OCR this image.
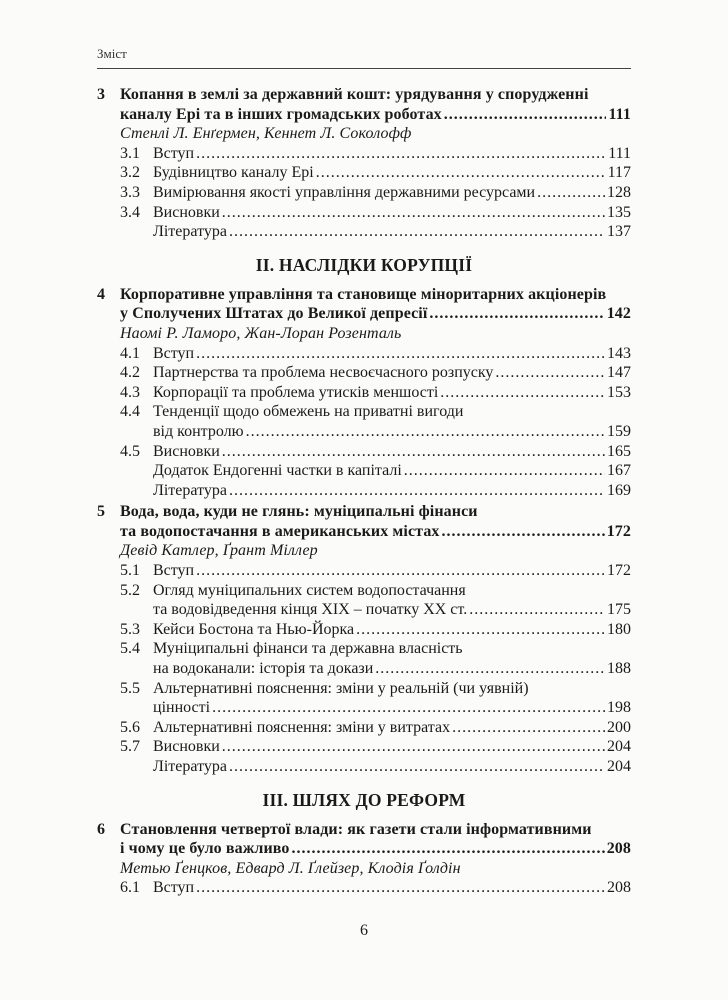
Зміст
3 Копання в землі за державний кошт: урядування у спорудженні
каналу Ері та в інших громадських роботах .....	111
Стенлі Л. Енґермен, Кеннет Л. Соколофф
3.1 Вступ .....	111
3.2 Будівництво каналу Ері .....	117
3.3 Вимірювання якості управління державними ресурсами .....	128
3.4 Висновки .....	135
Література .....	137
II. НАСЛІДКИ КОРУПЦІЇ
4 Корпоративне управління та становище міноритарних акціонерів
у Сполучених Штатах до Великої депресії .....	142
Наомі Р. Ламоро, Жан-Лоран Розенталь
4.1 Вступ .....	143
4.2 Партнерства та проблема несвоєчасного розпуску .....	147
4.3 Корпорації та проблема утисків меншості .....	153
4.4 Тенденції щодо обмежень на приватні вигоди
від контролю .....	159
4.5 Висновки .....	165
Додаток Ендогенні частки в капіталі .....	167
Література .....	169
5 Вода, вода, куди не глянь: муніципальні фінанси
та водопостачання в американських містах .....	172
Девід Катлер, Ґрант Міллер
5.1 Вступ .....	172
5.2 Огляд муніципальних систем водопостачання
та водовідведення кінця XIX – початку XX ст. .....	175
5.3 Кейси Бостона та Нью-Йорка .....	180
5.4 Муніципальні фінанси та державна власність
на водоканали: історія та докази .....	188
5.5 Альтернативні пояснення: зміни у реальній (чи уявній)
цінності .....	198
5.6 Альтернативні пояснення: зміни у витратах .....	200
5.7 Висновки .....	204
Література .....	204
III. ШЛЯХ ДО РЕФОРМ
6 Становлення четвертої влади: як газети стали інформативними
і чому це було важливо .....	208
Метью Ґенцков, Едвард Л. Ґлейзер, Клодія Ґолдін
6.1 Вступ .....	208
6
